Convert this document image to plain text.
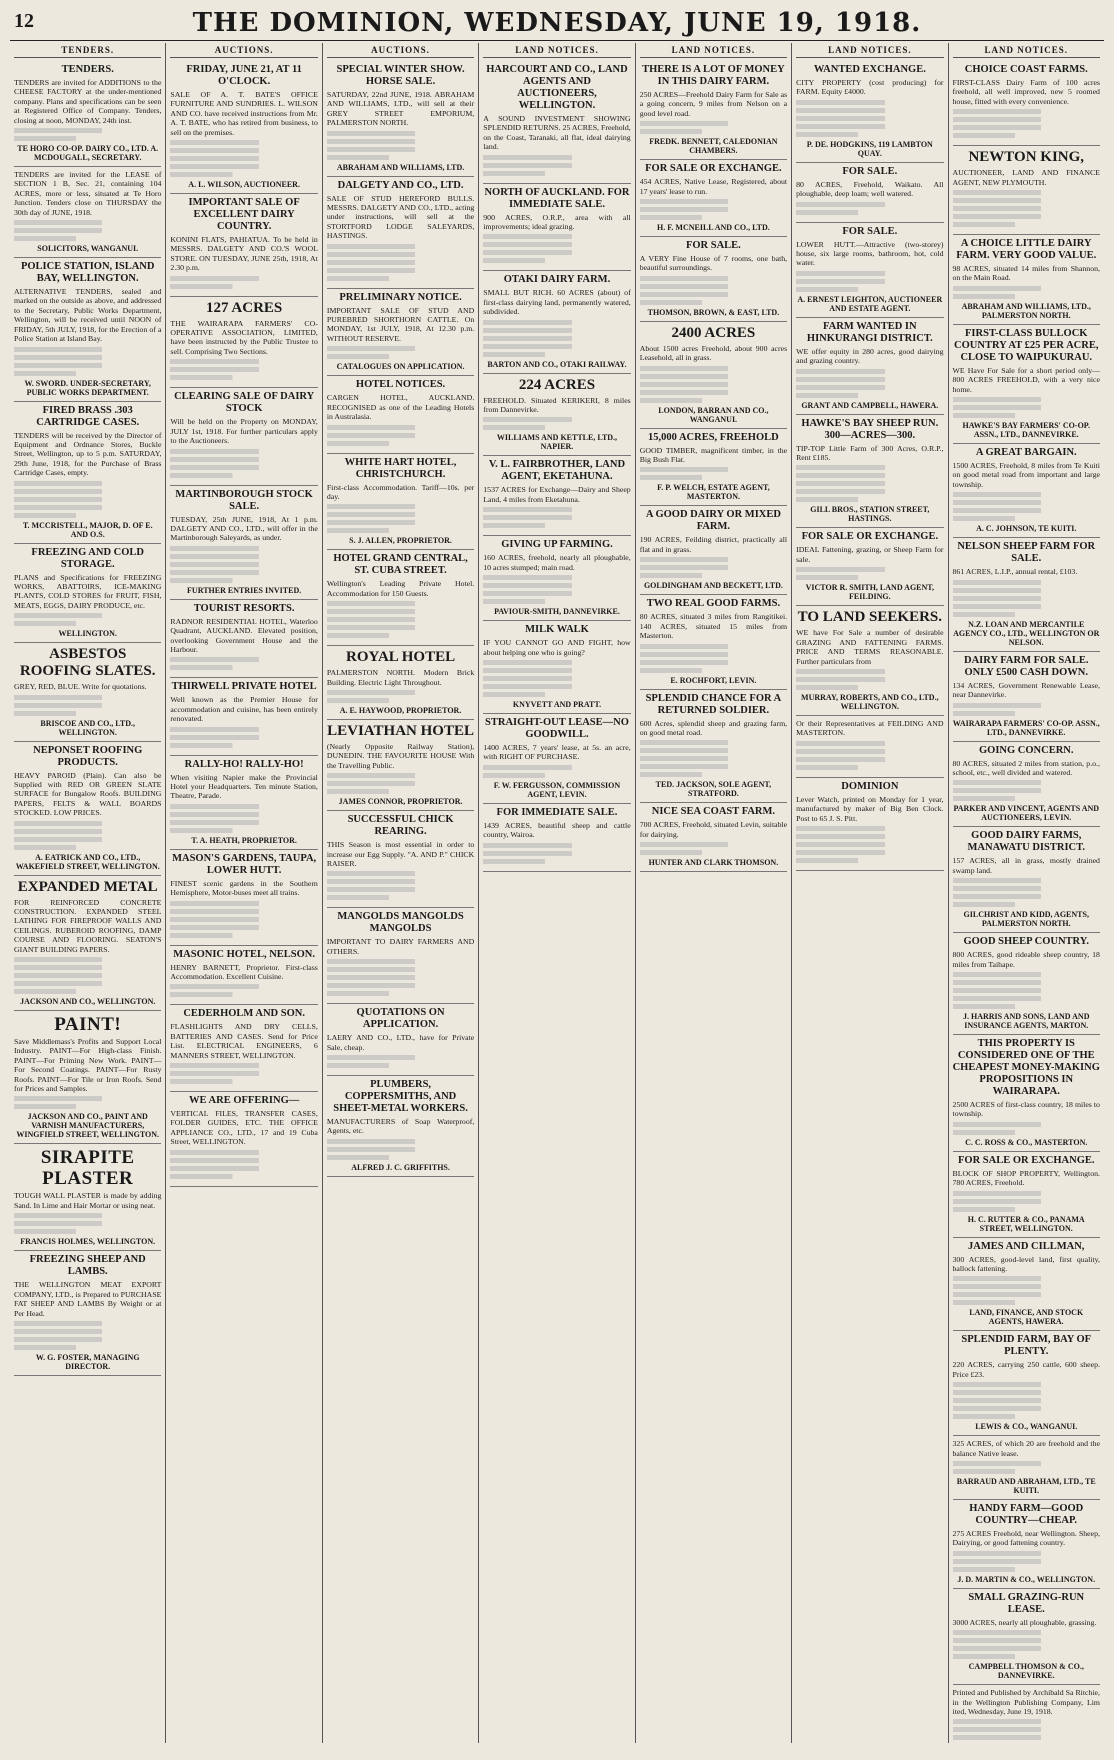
12	THE DOMINION, WEDNESDAY, JUNE 19, 1918.
TENDERS.
TENDERS.
TENDERS are invited for ADDITIONS to the CHEESE FACTORY at the under-mentioned company. Plans and specifications can be seen at Registered Office of Company. Tenders, closing at noon, MONDAY, 24th inst.
TE HORO CO-OP. DAIRY CO., LTD. A. MCDOUGALL, SECRETARY.
TENDERS are invited for the LEASE of SECTION 1 B, Sec. 21, containing 104 ACRES, more or less, situated at Te Horo Junction. Tenders close on THURSDAY the 30th day of JUNE, 1918.
SOLICITORS, WANGANUI.
POLICE STATION, ISLAND BAY, WELLINGTON.
ALTERNATIVE TENDERS, sealed and marked on the outside as above, and addressed to the Secretary, Public Works Department, Wellington, will be received until NOON of FRIDAY, 5th JULY, 1918, for the Erection of a Police Station at Island Bay.
W. SWORD. UNDER-SECRETARY, PUBLIC WORKS DEPARTMENT.
FIRED BRASS .303 CARTRIDGE CASES.
TENDERS will be received by the Director of Equipment and Ordnance Stores, Buckle Street, Wellington, up to 5 p.m. SATURDAY, 29th June, 1918, for the Purchase of Brass Cartridge Cases, empty.
T. MCCRISTELL, MAJOR, D. OF E. AND O.S.
FREEZING AND COLD STORAGE.
PLANS and Specifications for FREEZING WORKS, ABATTOIRS, ICE-MAKING PLANTS, COLD STORES for FRUIT, FISH, MEATS, EGGS, DAIRY PRODUCE, etc.
WELLINGTON.
ASBESTOS ROOFING SLATES.
GREY, RED, BLUE. Write for quotations.
BRISCOE AND CO., LTD., WELLINGTON.
NEPONSET ROOFING PRODUCTS.
HEAVY PAROID (Plain). Can also be Supplied with RED OR GREEN SLATE SURFACE for Bungalow Roofs. BUILDING PAPERS, FELTS & WALL BOARDS STOCKED. LOW PRICES.
A. EATRICK AND CO., LTD., WAKEFIELD STREET, WELLINGTON.
EXPANDED METAL
FOR REINFORCED CONCRETE CONSTRUCTION. EXPANDED STEEL LATHING FOR FIREPROOF WALLS AND CEILINGS. RUBEROID ROOFING, DAMP COURSE AND FLOORING. SEATON'S GIANT BUILDING PAPERS.
JACKSON AND CO., WELLINGTON.
PAINT!
Save Middlemass's Profits and Support Local Industry. PAINT—For High-class Finish. PAINT—For Priming New Work. PAINT—For Second Coatings. PAINT—For Rusty Roofs. PAINT—For Tile or Iron Roofs. Send for Prices and Samples.
JACKSON AND CO., PAINT AND VARNISH MANUFACTURERS, WINGFIELD STREET, WELLINGTON.
SIRAPITE PLASTER
TOUGH WALL PLASTER is made by adding Sand. In Lime and Hair Mortar or using neat.
FRANCIS HOLMES, WELLINGTON.
FREEZING SHEEP AND LAMBS.
THE WELLINGTON MEAT EXPORT COMPANY, LTD., is Prepared to PURCHASE FAT SHEEP AND LAMBS By Weight or at Per Head.
W. G. FOSTER, MANAGING DIRECTOR.
AUCTIONS.
FRIDAY, JUNE 21, AT 11 O'CLOCK.
SALE OF A. T. BATE'S OFFICE FURNITURE AND SUNDRIES. L. WILSON AND CO. have received instructions from Mr. A. T. BATE, who has retired from business, to sell on the premises.
A. L. WILSON, AUCTIONEER.
IMPORTANT SALE OF EXCELLENT DAIRY COUNTRY.
KONINI FLATS, PAHIATUA. To be held in MESSRS. DALGETY AND CO.'S WOOL STORE. ON TUESDAY, JUNE 25th, 1918, At 2.30 p.m.
127 ACRES
THE WAIRARAPA FARMERS' CO-OPERATIVE ASSOCIATION, LIMITED, have been instructed by the Public Trustee to sell. Comprising Two Sections.
CLEARING SALE OF DAIRY STOCK
Will be held on the Property on MONDAY, JULY 1st, 1918. For further particulars apply to the Auctioneers.
MARTINBOROUGH STOCK SALE.
TUESDAY, 25th JUNE, 1918, At 1 p.m. DALGETY AND CO., LTD., will offer in the Martinborough Saleyards, as under.
FURTHER ENTRIES INVITED.
TOURIST RESORTS.
RADNOR RESIDENTIAL HOTEL, Waterloo Quadrant, AUCKLAND. Elevated position, overlooking Government House and the Harbour.
THIRWELL PRIVATE HOTEL
Well known as the Premier House for accommodation and cuisine, has been entirely renovated.
RALLY-HO! RALLY-HO!
When visiting Napier make the Provincial Hotel your Headquarters. Ten minute Station, Theatre, Parade.
T. A. HEATH, PROPRIETOR.
MASON'S GARDENS, TAUPA, LOWER HUTT.
FINEST scenic gardens in the Southern Hemisphere, Motor-buses meet all trains.
MASONIC HOTEL, NELSON.
HENRY BARNETT, Proprietor. First-class Accommodation. Excellent Cuisine.
CEDERHOLM AND SON.
FLASHLIGHTS AND DRY CELLS, BATTERIES AND CASES. Send for Price List. ELECTRICAL ENGINEERS, 6 MANNERS STREET, WELLINGTON.
WE ARE OFFERING—
VERTICAL FILES, TRANSFER CASES, FOLDER GUIDES, ETC. THE OFFICE APPLIANCE CO., LTD., 17 and 19 Cuba Street, WELLINGTON.
AUCTIONS.
SPECIAL WINTER SHOW. HORSE SALE.
SATURDAY, 22nd JUNE, 1918. ABRAHAM AND WILLIAMS, LTD., will sell at their GREY STREET EMPORIUM, PALMERSTON NORTH.
ABRAHAM AND WILLIAMS, LTD.
DALGETY AND CO., LTD.
SALE OF STUD HEREFORD BULLS. MESSRS. DALGETY AND CO., LTD., acting under instructions, will sell at the STORTFORD LODGE SALEYARDS, HASTINGS.
PRELIMINARY NOTICE.
IMPORTANT SALE OF STUD AND PUREBRED SHORTHORN CATTLE. On MONDAY, 1st JULY, 1918, At 12.30 p.m. WITHOUT RESERVE.
CATALOGUES ON APPLICATION.
HOTEL NOTICES.
CARGEN HOTEL, AUCKLAND. RECOGNISED as one of the Leading Hotels in Australasia.
WHITE HART HOTEL, CHRISTCHURCH.
First-class Accommodation. Tariff—10s. per day.
S. J. ALLEN, PROPRIETOR.
HOTEL GRAND CENTRAL, ST. CUBA STREET.
Wellington's Leading Private Hotel. Accommodation for 150 Guests.
ROYAL HOTEL
PALMERSTON NORTH. Modern Brick Building. Electric Light Throughout.
A. E. HAYWOOD, PROPRIETOR.
LEVIATHAN HOTEL
(Nearly Opposite Railway Station), DUNEDIN. THE FAVOURITE HOUSE With the Travelling Public.
JAMES CONNOR, PROPRIETOR.
SUCCESSFUL CHICK REARING.
THIS Season is most essential in order to increase our Egg Supply. "A. AND P." CHICK RAISER.
MANGOLDS MANGOLDS MANGOLDS
IMPORTANT TO DAIRY FARMERS AND OTHERS.
QUOTATIONS ON APPLICATION.
LAERY AND CO., LTD., have for Private Sale, cheap.
PLUMBERS, COPPERSMITHS, AND SHEET-METAL WORKERS.
MANUFACTURERS of Soap Waterproof, Agents, etc.
ALFRED J. C. GRIFFITHS.
LAND NOTICES.
HARCOURT AND CO., LAND AGENTS AND AUCTIONEERS, WELLINGTON.
A SOUND INVESTMENT SHOWING SPLENDID RETURNS. 25 ACRES, Freehold, on the Coast, Taranaki, all flat, ideal dairying land.
NORTH OF AUCKLAND. FOR IMMEDIATE SALE.
900 ACRES, O.R.P., area with all improvements; ideal grazing.
OTAKI DAIRY FARM.
SMALL BUT RICH. 60 ACRES (about) of first-class dairying land, permanently watered, subdivided.
BARTON AND CO., OTAKI RAILWAY.
224 ACRES
FREEHOLD. Situated KERIKERI, 8 miles from Dannevirke.
WILLIAMS AND KETTLE, LTD., NAPIER.
V. L. FAIRBROTHER, LAND AGENT, EKETAHUNA.
1537 ACRES for Exchange—Dairy and Sheep Land, 4 miles from Eketahuna.
GIVING UP FARMING.
160 ACRES, freehold, nearly all ploughable, 10 acres stumped; main road.
PAVIOUR-SMITH, DANNEVIRKE.
MILK WALK
IF YOU CANNOT GO AND FIGHT, how about helping one who is going?
KNYVETT AND PRATT.
STRAIGHT-OUT LEASE—NO GOODWILL.
1400 ACRES, 7 years' lease, at 5s. an acre, with RIGHT OF PURCHASE.
F. W. FERGUSSON, COMMISSION AGENT, LEVIN.
FOR IMMEDIATE SALE.
1439 ACRES, beautiful sheep and cattle country, Wairoa.
LAND NOTICES.
THERE IS A LOT OF MONEY IN THIS DAIRY FARM.
250 ACRES—Freehold Dairy Farm for Sale as a going concern, 9 miles from Nelson on a good level road.
FREDK. BENNETT, CALEDONIAN CHAMBERS.
FOR SALE OR EXCHANGE.
454 ACRES, Native Lease, Registered, about 17 years' lease to run.
H. F. MCNEILL AND CO., LTD.
FOR SALE.
A VERY Fine House of 7 rooms, one bath, beautiful surroundings.
THOMSON, BROWN, & EAST, LTD.
2400 ACRES
About 1500 acres Freehold, about 900 acres Leasehold, all in grass.
LONDON, BARRAN AND CO., WANGANUI.
15,000 ACRES, FREEHOLD
GOOD TIMBER, magnificent timber, in the Big Bush Flat.
F. P. WELCH, ESTATE AGENT, MASTERTON.
A GOOD DAIRY OR MIXED FARM.
190 ACRES, Feilding district, practically all flat and in grass.
GOLDINGHAM AND BECKETT, LTD.
TWO REAL GOOD FARMS.
80 ACRES, situated 3 miles from Rangitikei. 140 ACRES, situated 15 miles from Masterton.
E. ROCHFORT, LEVIN.
SPLENDID CHANCE FOR A RETURNED SOLDIER.
600 Acres, splendid sheep and grazing farm, on good metal road.
TED. JACKSON, SOLE AGENT, STRATFORD.
NICE SEA COAST FARM.
700 ACRES, Freehold, situated Levin, suitable for dairying.
HUNTER AND CLARK THOMSON.
LAND NOTICES.
WANTED EXCHANGE.
CITY PROPERTY (cost producing) for FARM. Equity £4000.
P. DE. HODGKINS, 119 LAMBTON QUAY.
FOR SALE.
80 ACRES, Freehold, Waikato. All ploughable, deep loam; well watered.
FOR SALE.
LOWER HUTT.—Attractive (two-storey) house, six large rooms, bathroom, hot, cold water.
A. ERNEST LEIGHTON, AUCTIONEER AND ESTATE AGENT.
FARM WANTED IN HINKURANGI DISTRICT.
WE offer equity in 280 acres, good dairying and grazing country.
GRANT AND CAMPBELL, HAWERA.
HAWKE'S BAY SHEEP RUN. 300—ACRES—300.
TIP-TOP Little Farm of 300 Acres, O.R.P., Rent £185.
GILL BROS., STATION STREET, HASTINGS.
FOR SALE OR EXCHANGE.
IDEAL Fattening, grazing, or Sheep Farm for sale.
VICTOR R. SMITH, LAND AGENT, FEILDING.
TO LAND SEEKERS.
WE have For Sale a number of desirable GRAZING AND FATTENING FARMS. PRICE AND TERMS REASONABLE. Further particulars from
MURRAY, ROBERTS, AND CO., LTD., WELLINGTON.
Or their Representatives at FEILDING AND MASTERTON.
DOMINION
Lever Watch, printed on Monday for 1 year, manufactured by maker of Big Ben Clock. Post to 65 J. S. Pitt.
LAND NOTICES.
CHOICE COAST FARMS.
FIRST-CLASS Dairy Farm of 100 acres freehold, all well improved, new 5 roomed house, fitted with every convenience.
NEWTON KING,
AUCTIONEER, LAND AND FINANCE AGENT, NEW PLYMOUTH.
A CHOICE LITTLE DAIRY FARM. VERY GOOD VALUE.
98 ACRES, situated 14 miles from Shannon, on the Main Road.
ABRAHAM AND WILLIAMS, LTD., PALMERSTON NORTH.
FIRST-CLASS BULLOCK COUNTRY AT £25 PER ACRE, CLOSE TO WAIPUKURAU.
WE Have For Sale for a short period only—800 ACRES FREEHOLD, with a very nice home.
HAWKE'S BAY FARMERS' CO-OP. ASSN., LTD., DANNEVIRKE.
A GREAT BARGAIN.
1500 ACRES, Freehold, 8 miles from Te Kuiti on good metal road from important and large township.
A. C. JOHNSON, TE KUITI.
NELSON SHEEP FARM FOR SALE.
861 ACRES, L.I.P., annual rental, £103.
N.Z. LOAN AND MERCANTILE AGENCY CO., LTD., WELLINGTON OR NELSON.
DAIRY FARM FOR SALE. ONLY £500 CASH DOWN.
134 ACRES, Government Renewable Lease, near Dannevirke.
WAIRARAPA FARMERS' CO-OP. ASSN., LTD., DANNEVIRKE.
GOING CONCERN.
80 ACRES, situated 2 miles from station, p.o., school, etc., well divided and watered.
PARKER AND VINCENT, AGENTS AND AUCTIONEERS, LEVIN.
GOOD DAIRY FARMS, MANAWATU DISTRICT.
157 ACRES, all in grass, mostly drained swamp land.
GILCHRIST AND KIDD, AGENTS, PALMERSTON NORTH.
GOOD SHEEP COUNTRY.
800 ACRES, good rideable sheep country, 18 miles from Taihape.
J. HARRIS AND SONS, LAND AND INSURANCE AGENTS, MARTON.
THIS PROPERTY IS CONSIDERED ONE OF THE CHEAPEST MONEY-MAKING PROPOSITIONS IN WAIRARAPA.
2500 ACRES of first-class country, 18 miles to township.
C. C. ROSS & CO., MASTERTON.
FOR SALE OR EXCHANGE.
BLOCK OF SHOP PROPERTY, Wellington. 780 ACRES, Freehold.
H. C. RUTTER & CO., PANAMA STREET, WELLINGTON.
JAMES AND CILLMAN,
300 ACRES, good-level land, first quality, ballock fattening.
LAND, FINANCE, AND STOCK AGENTS, HAWERA.
SPLENDID FARM, BAY OF PLENTY.
220 ACRES, carrying 250 cattle, 600 sheep. Price £23.
LEWIS & CO., WANGANUI.
325 ACRES, of which 20 are freehold and the balance Native lease.
BARRAUD AND ABRAHAM, LTD., TE KUITI.
HANDY FARM—GOOD COUNTRY—CHEAP.
275 ACRES Freehold, near Wellington. Sheep, Dairying, or good fattening country.
J. D. MARTIN & CO., WELLINGTON.
SMALL GRAZING-RUN LEASE.
3000 ACRES, nearly all ploughable, grassing.
CAMPBELL THOMSON & CO., DANNEVIRKE.
Printed and Published by Archibald Sa Ritchie, in the Wellington Publishing Company, Lim ited, Wednesday, June 19, 1918.
